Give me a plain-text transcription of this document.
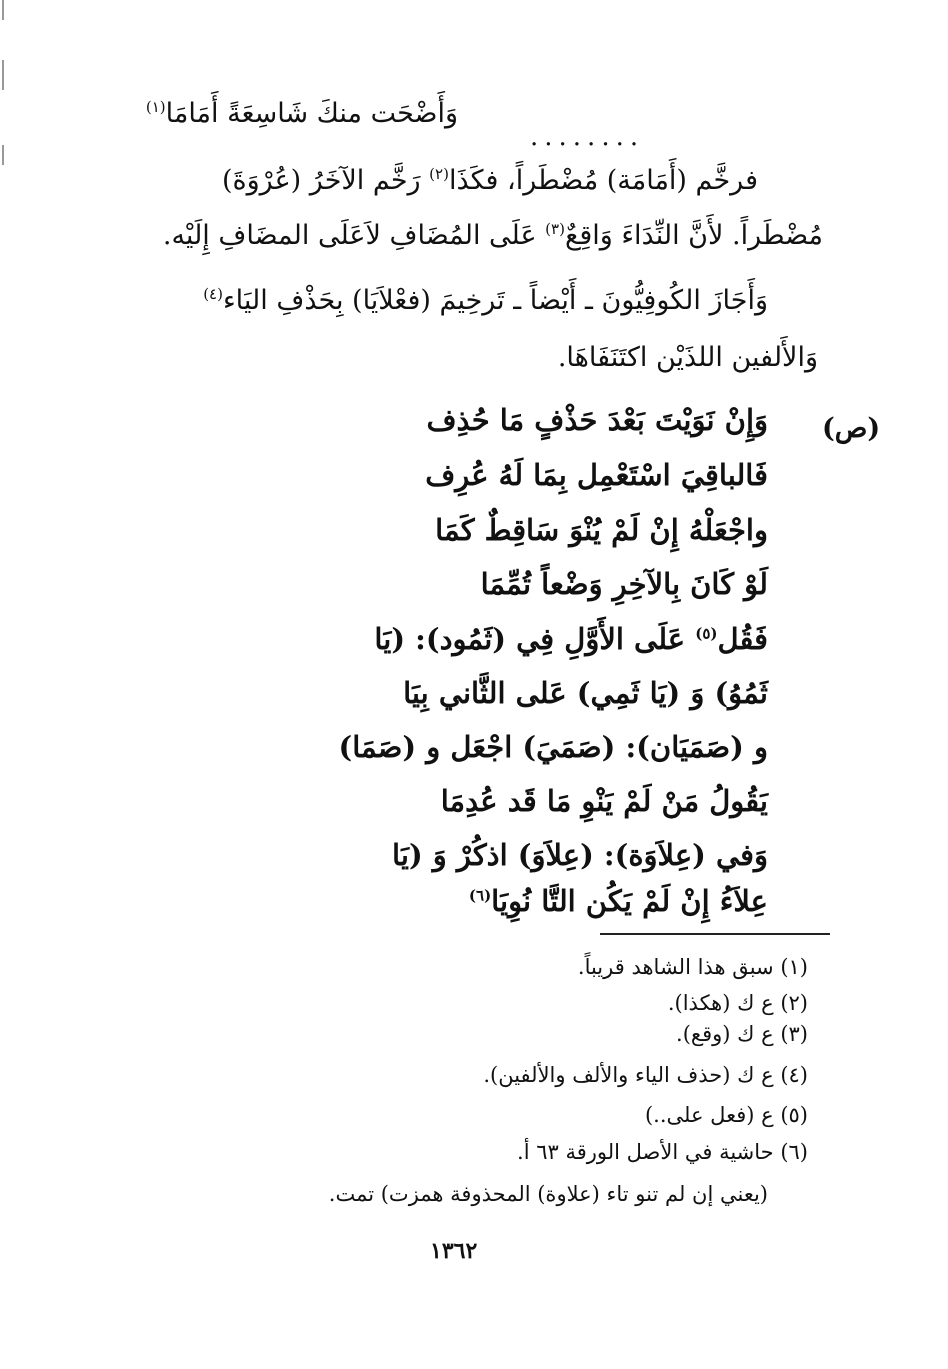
وَأَضْحَت منكَ شَاسِعَةً أَمَامَا$^{(١)}$
........
فرخَّم (أَمَامَة) مُضْطَراً، فكَذَا$^{(٢)}$ رَخَّم الآخَرُ (عُرْوَةَ)
مُضْطَراً. لأَنَّ النِّدَاءَ وَاقِعٌ$^{(٣)}$ عَلَى المُضَافِ لاَعَلَى المضَافِ إِلَيْه.
وَأَجَازَ الكُوفِيُّونَ ـ أَيْضاً ـ تَرخِيمَ (فعْلاَيَا) بِحَذْفِ اليَاء$^{(٤)}$
وَالأَلفين اللذَيْن اكتَنَفَاهَا.
(ص)
وَإِنْ نَوَيْتَ بَعْدَ حَذْفٍ مَا حُذِف
فَالباقِيَ اسْتَعْمِل بِمَا لَهُ عُرِف
واجْعَلْهُ إِنْ لَمْ يُنْوَ سَاقِطٌ كَمَا
لَوْ كَانَ بِالآخِرِ وَضْعاً تُمِّمَا
فَقُل$^{(٥)}$ عَلَى الأَوَّلِ فِي (ثَمُود): (يَا
ثَمُوُ) وَ (يَا ثَمِي) عَلى الثَّاني بِيَا
و (صَمَيَان): (صَمَيَ) اجْعَل و (صَمَا)
يَقُولُ مَنْ لَمْ يَنْوِ مَا قَد عُدِمَا
وَفي (عِلاَوَة): (عِلاَوَ) اذكُرْ وَ (يَا
عِلاَءُ إِنْ لَمْ يَكُن التَّا نُوِيَا$^{(٦)}$
(١) سبق هذا الشاهد قريباً.
(٢) ع ك (هكذا).
(٣) ع ك (وقع).
(٤) ع ك (حذف الياء والألف والألفين).
(٥) ع (فعل على..)
(٦) حاشية في الأصل الورقة ٦٣ أ.
(يعني إن لم تنو تاء (علاوة) المحذوفة همزت) تمت.
١٣٦٢
